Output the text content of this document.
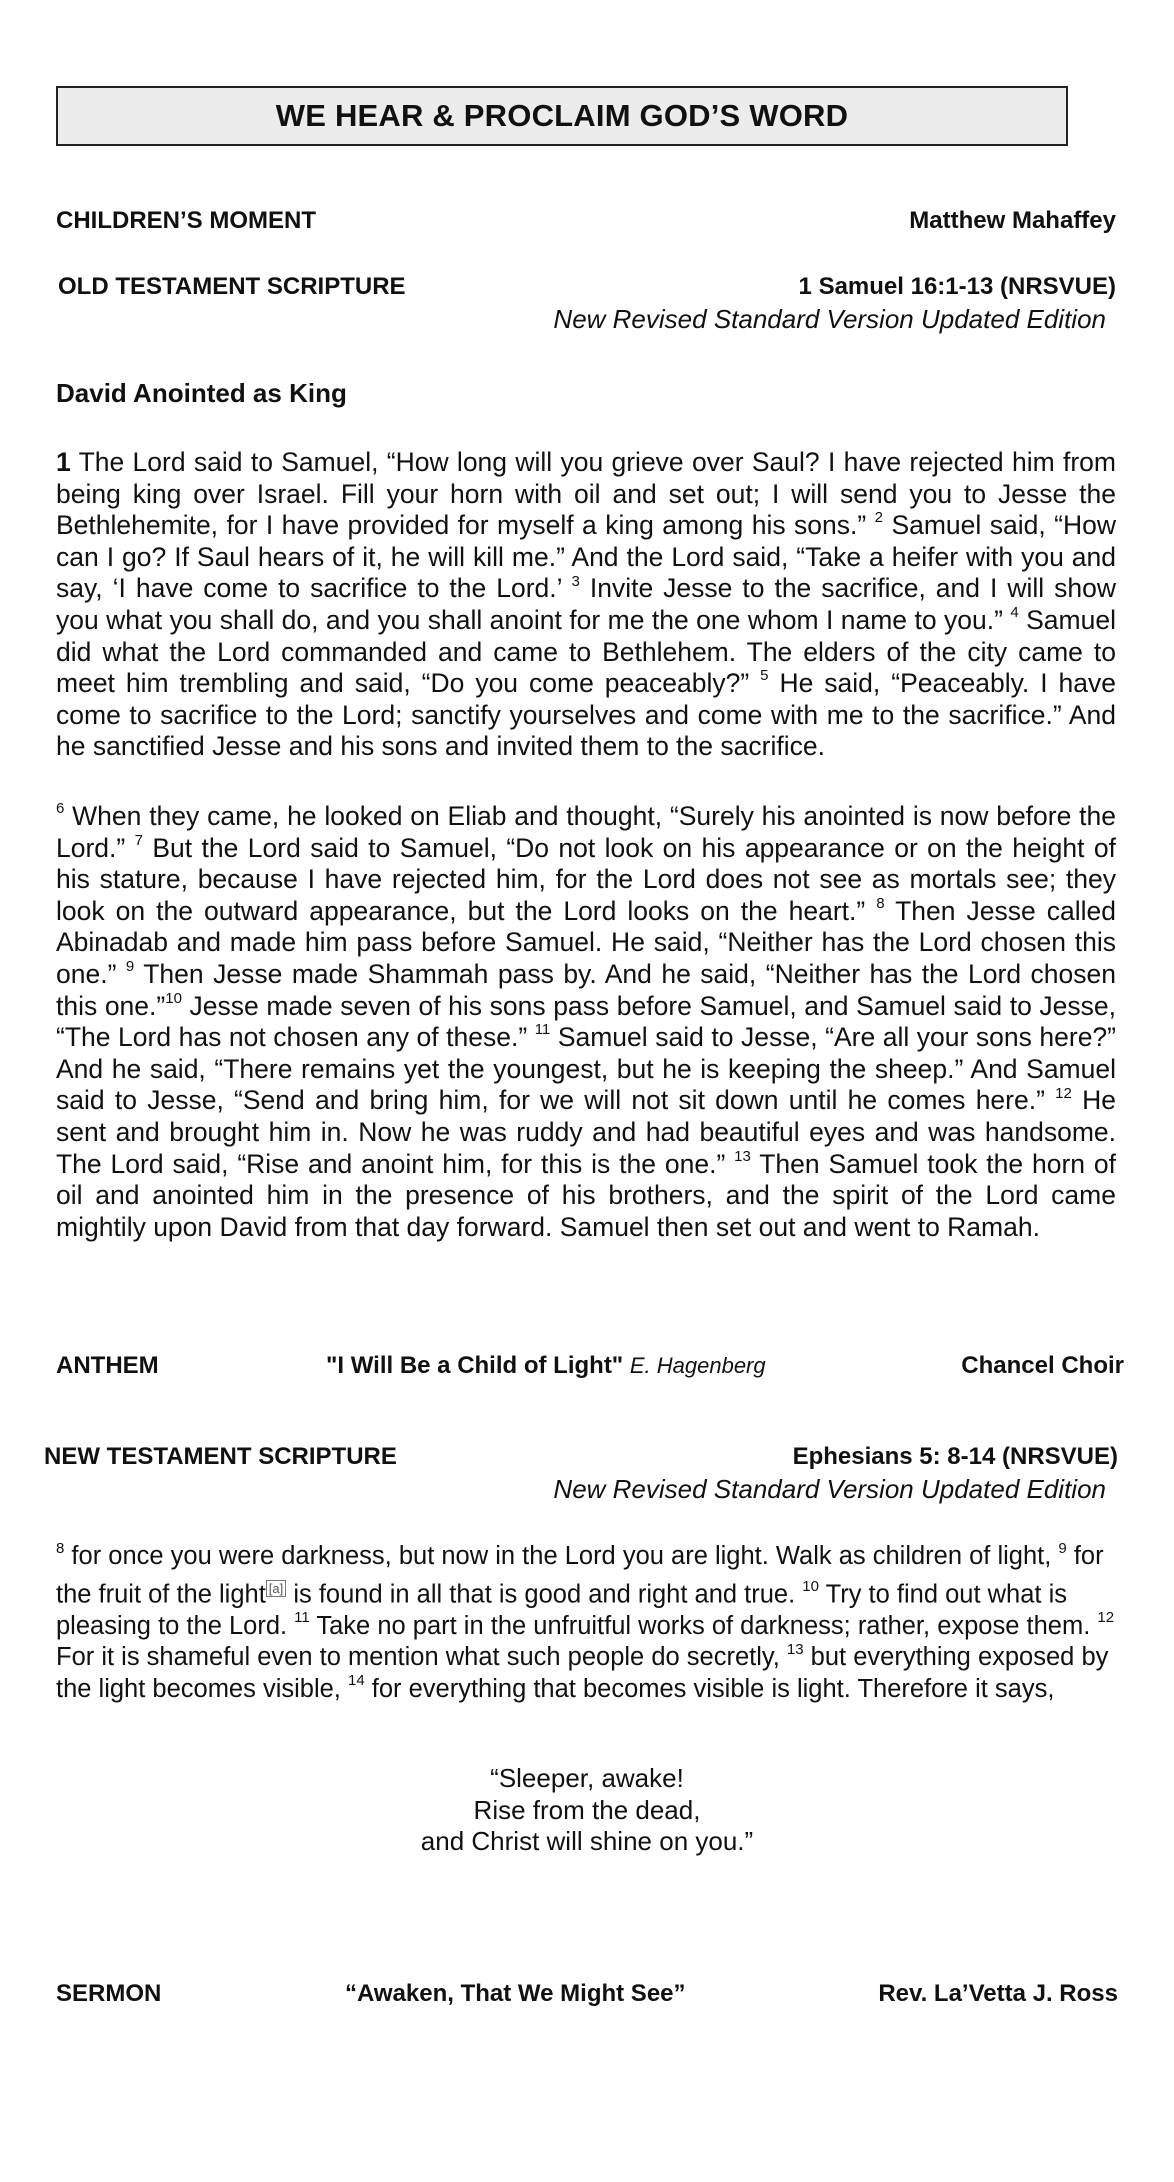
WE HEAR & PROCLAIM GOD’S WORD
CHILDREN’S MOMENT	Matthew Mahaffey
OLD TESTAMENT SCRIPTURE	1 Samuel 16:1-13 (NRSVUE)
New Revised Standard Version Updated Edition
David Anointed as King
1 The Lord said to Samuel, “How long will you grieve over Saul? I have rejected him from being king over Israel. Fill your horn with oil and set out; I will send you to Jesse the Bethlehemite, for I have provided for myself a king among his sons.” $^2$ Samuel said, “How can I go? If Saul hears of it, he will kill me.” And the Lord said, “Take a heifer with you and say, ‘I have come to sacrifice to the Lord.’ $^3$ Invite Jesse to the sacrifice, and I will show you what you shall do, and you shall anoint for me the one whom I name to you.” $^4$ Samuel did what the Lord commanded and came to Bethlehem. The elders of the city came to meet him trembling and said, “Do you come peaceably?” $^5$ He said, “Peaceably. I have come to sacrifice to the Lord; sanctify yourselves and come with me to the sacrifice.” And he sanctified Jesse and his sons and invited them to the sacrifice.
$^6$ When they came, he looked on Eliab and thought, “Surely his anointed is now before the Lord.” $^7$ But the Lord said to Samuel, “Do not look on his appearance or on the height of his stature, because I have rejected him, for the Lord does not see as mortals see; they look on the outward appearance, but the Lord looks on the heart.” $^8$ Then Jesse called Abinadab and made him pass before Samuel. He said, “Neither has the Lord chosen this one.” $^9$ Then Jesse made Shammah pass by. And he said, “Neither has the Lord chosen this one.”$^{10}$ Jesse made seven of his sons pass before Samuel, and Samuel said to Jesse, “The Lord has not chosen any of these.” $^{11}$ Samuel said to Jesse, “Are all your sons here?” And he said, “There remains yet the youngest, but he is keeping the sheep.” And Samuel said to Jesse, “Send and bring him, for we will not sit down until he comes here.” $^{12}$ He sent and brought him in. Now he was ruddy and had beautiful eyes and was handsome. The Lord said, “Rise and anoint him, for this is the one.” $^{13}$ Then Samuel took the horn of oil and anointed him in the presence of his brothers, and the spirit of the Lord came mightily upon David from that day forward. Samuel then set out and went to Ramah.
ANTHEM	"I Will Be a Child of Light" E. Hagenberg	Chancel Choir
NEW TESTAMENT SCRIPTURE	Ephesians 5: 8-14 (NRSVUE)
New Revised Standard Version Updated Edition
$^8$ for once you were darkness, but now in the Lord you are light. Walk as children of light, $^9$ for the fruit of the light [a] is found in all that is good and right and true. $^{10}$ Try to find out what is pleasing to the Lord. $^{11}$ Take no part in the unfruitful works of darkness; rather, expose them. $^{12}$ For it is shameful even to mention what such people do secretly, $^{13}$ but everything exposed by the light becomes visible, $^{14}$ for everything that becomes visible is light. Therefore it says,
“Sleeper, awake!
Rise from the dead,
and Christ will shine on you.”
SERMON	“Awaken, That We Might See”	Rev. La’Vetta J. Ross
